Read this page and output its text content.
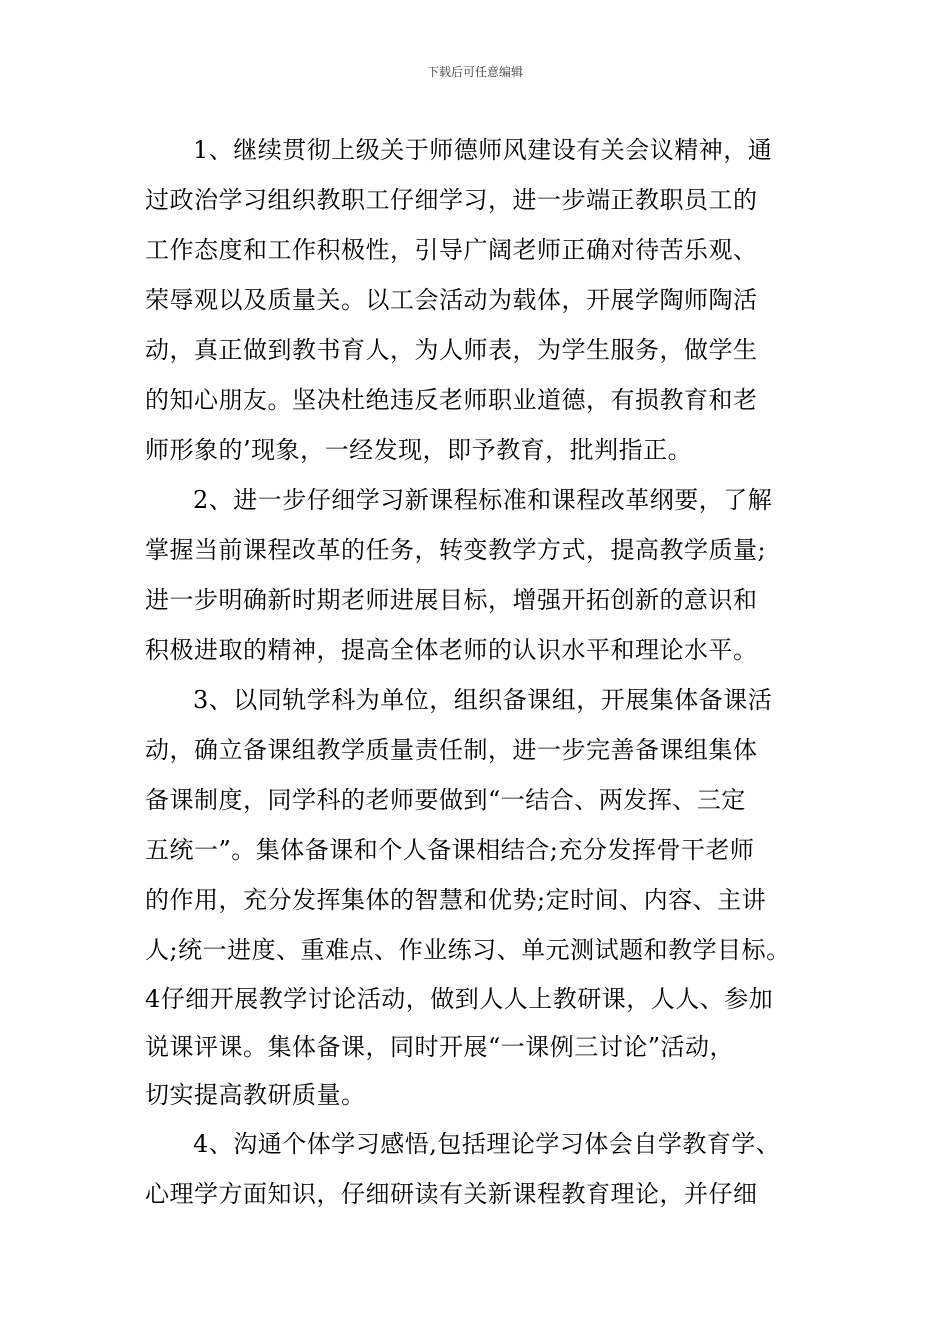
下载后可任意编辑
1、继续贯彻上级关于师德师风建设有关会议精神，通
过政治学习组织教职工仔细学习，进一步端正教职员工的
工作态度和工作积极性，引导广阔老师正确对待苦乐观、
荣辱观以及质量关。以工会活动为载体，开展学陶师陶活
动，真正做到教书育人，为人师表，为学生服务，做学生
的知心朋友。坚决杜绝违反老师职业道德，有损教育和老
师形象的’现象，一经发现，即予教育，批判指正。
2、进一步仔细学习新课程标准和课程改革纲要，了解
掌握当前课程改革的任务，转变教学方式，提高教学质量;
进一步明确新时期老师进展目标，增强开拓创新的意识和
积极进取的精神，提高全体老师的认识水平和理论水平。
3、以同轨学科为单位，组织备课组，开展集体备课活
动，确立备课组教学质量责任制，进一步完善备课组集体
备课制度，同学科的老师要做到“一结合、两发挥、三定
五统一”。集体备课和个人备课相结合;充分发挥骨干老师
的作用，充分发挥集体的智慧和优势;定时间、内容、主讲
人;统一进度、重难点、作业练习、单元测试题和教学目标。
4仔细开展教学讨论活动，做到人人上教研课，人人、参加
说课评课。集体备课，同时开展“一课例三讨论”活动，
切实提高教研质量。
4、沟通个体学习感悟,包括理论学习体会自学教育学、
心理学方面知识，仔细研读有关新课程教育理论，并仔细
